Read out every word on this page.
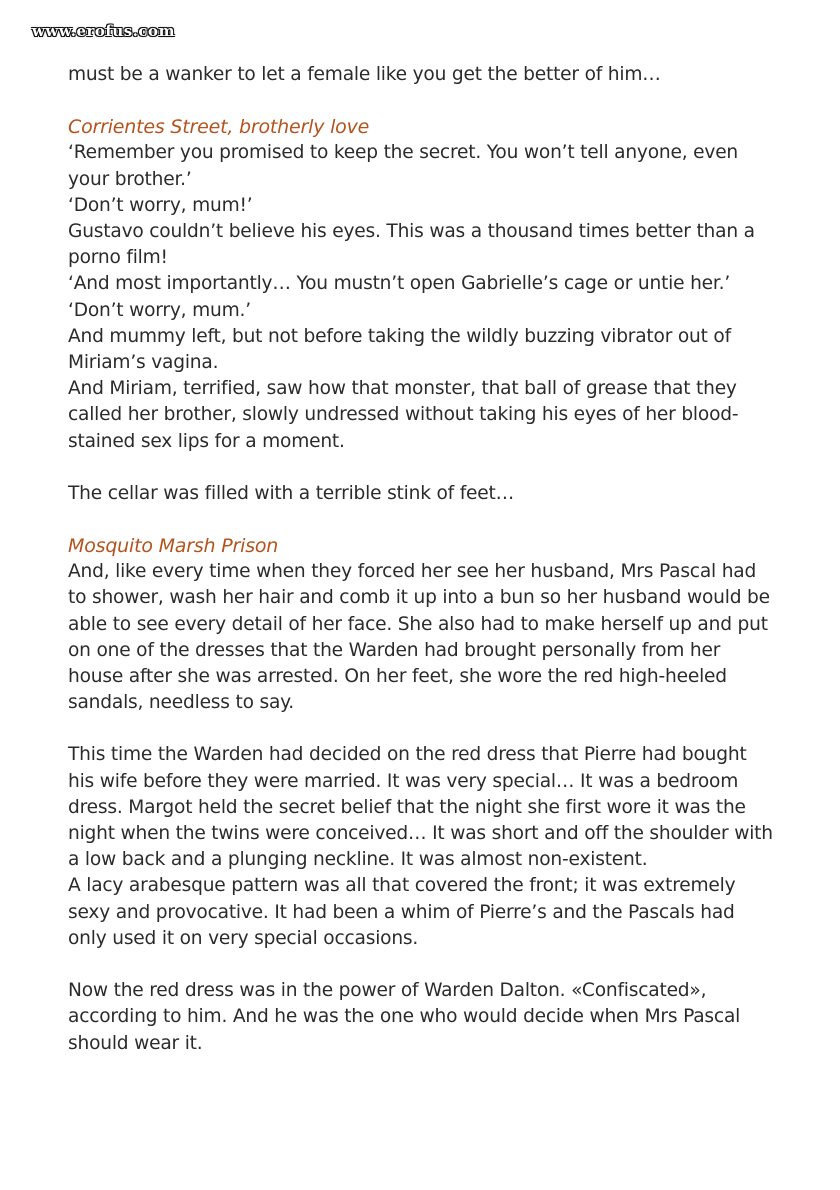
www.erofus.com

must be a wanker to let a female like you get the better of him…

Corrientes Street, brotherly love

‘Remember you promised to keep the secret. You won’t tell anyone, even your brother.’

‘Don’t worry, mum!’

Gustavo couldn’t believe his eyes. This was a thousand times better than a porno film!

‘And most importantly… You mustn’t open Gabrielle’s cage or untie her.’

‘Don’t worry, mum.’

And mummy left, but not before taking the wildly buzzing vibrator out of Miriam’s vagina.

And Miriam, terrified, saw how that monster, that ball of grease that they called her brother, slowly undressed without taking his eyes of her blood-stained sex lips for a moment.

The cellar was filled with a terrible stink of feet…

Mosquito Marsh Prison

And, like every time when they forced her see her husband, Mrs Pascal had to shower, wash her hair and comb it up into a bun so her husband would be able to see every detail of her face. She also had to make herself up and put on one of the dresses that the Warden had brought personally from her house after she was arrested. On her feet, she wore the red high-heeled sandals, needless to say.

This time the Warden had decided on the red dress that Pierre had bought his wife before they were married. It was very special… It was a bedroom dress. Margot held the secret belief that the night she first wore it was the night when the twins were conceived… It was short and off the shoulder with a low back and a plunging neckline. It was almost non-existent.

A lacy arabesque pattern was all that covered the front; it was extremely sexy and provocative. It had been a whim of Pierre’s and the Pascals had only used it on very special occasions.

Now the red dress was in the power of Warden Dalton. «Confiscated», according to him. And he was the one who would decide when Mrs Pascal should wear it.
